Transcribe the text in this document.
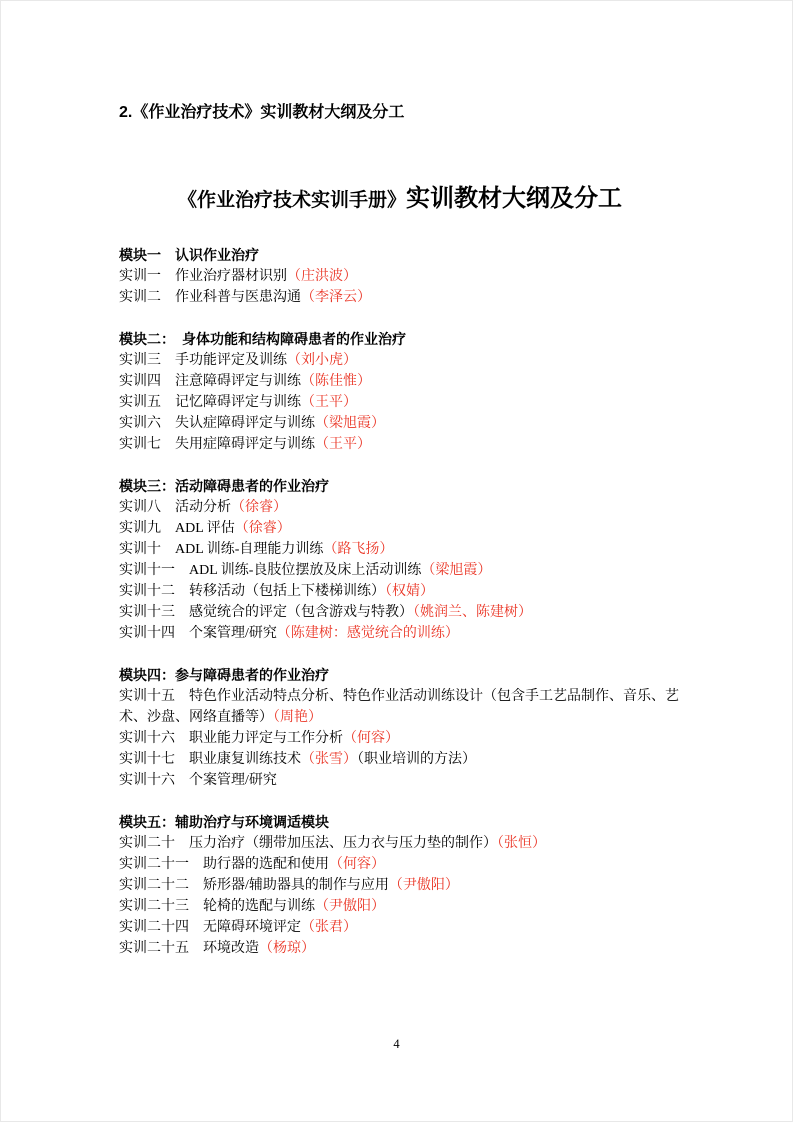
2.《作业治疗技术》实训教材大纲及分工
《作业治疗技术实训手册》实训教材大纲及分工
模块一　认识作业治疗
实训一　作业治疗器材识别（庄洪波）
实训二　作业科普与医患沟通（李泽云）
模块二：　身体功能和结构障碍患者的作业治疗
实训三　手功能评定及训练（刘小虎）
实训四　注意障碍评定与训练（陈佳惟）
实训五　记忆障碍评定与训练（王平）
实训六　失认症障碍评定与训练（梁旭霞）
实训七　失用症障碍评定与训练（王平）
模块三：活动障碍患者的作业治疗
实训八　活动分析（徐睿）
实训九　ADL 评估（徐睿）
实训十　ADL 训练-自理能力训练（路飞扬）
实训十一　ADL 训练-良肢位摆放及床上活动训练（梁旭霞）
实训十二　转移活动（包括上下楼梯训练）（权婧）
实训十三　感觉统合的评定（包含游戏与特教）（姚润兰、陈建树）
实训十四　个案管理/研究（陈建树：感觉统合的训练）
模块四：参与障碍患者的作业治疗
实训十五　特色作业活动特点分析、特色作业活动训练设计（包含手工艺品制作、音乐、艺术、沙盘、网络直播等）（周艳）
实训十六　职业能力评定与工作分析（何容）
实训十七　职业康复训练技术（张雪）（职业培训的方法）
实训十六　个案管理/研究
模块五：辅助治疗与环境调适模块
实训二十　压力治疗（绷带加压法、压力衣与压力垫的制作）（张恒）
实训二十一　助行器的选配和使用（何容）
实训二十二　矫形器/辅助器具的制作与应用（尹傲阳）
实训二十三　轮椅的选配与训练（尹傲阳）
实训二十四　无障碍环境评定（张君）
实训二十五　环境改造（杨琼）
4
